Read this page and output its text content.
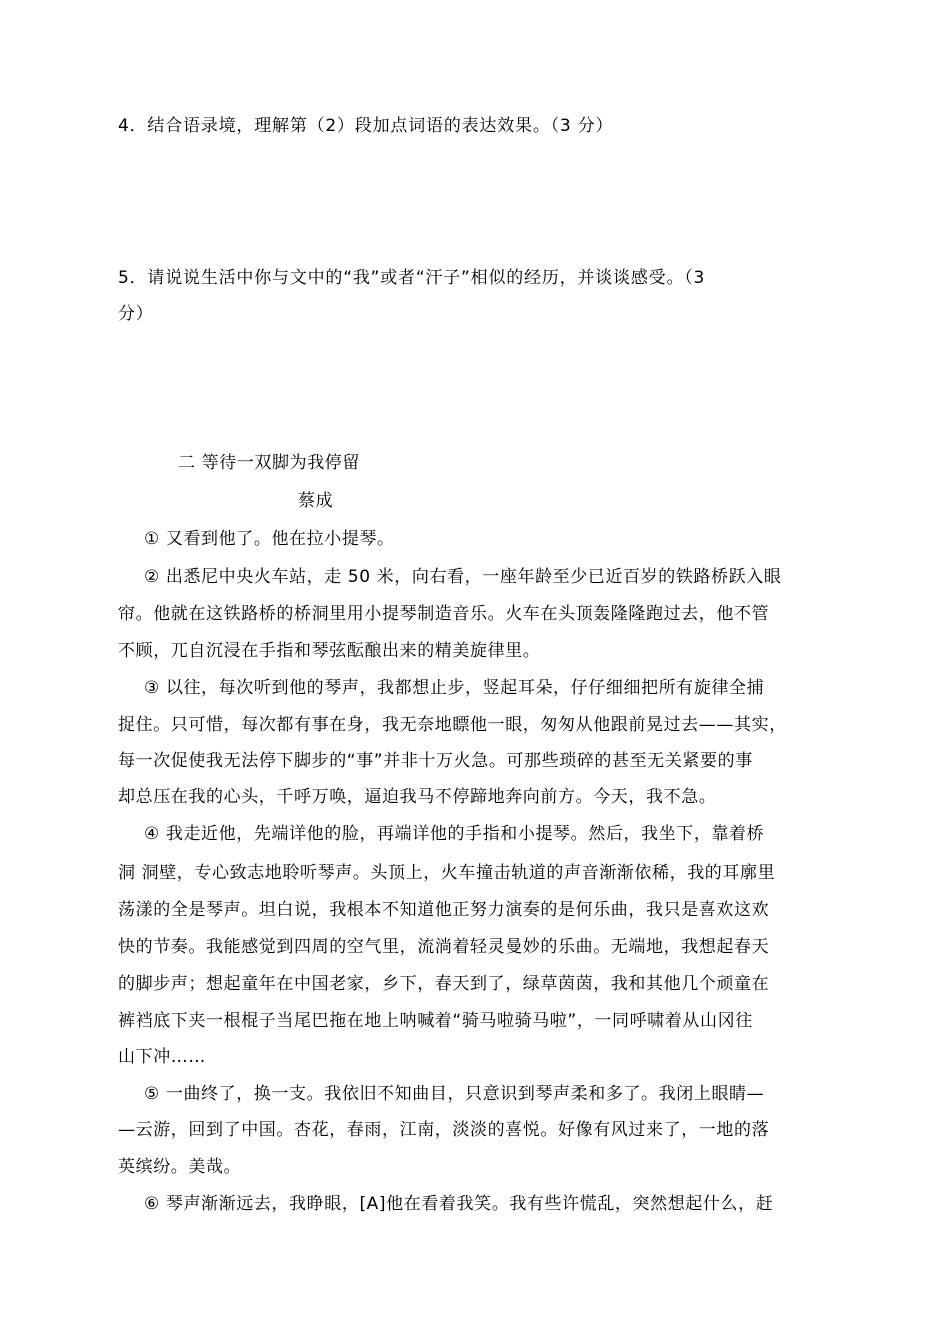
4．结合语录境，理解第（2）段加点词语的表达效果。（3 分）
5．请说说生活中你与文中的“我”或者“汗子”相似的经历，并谈谈感受。（3
分）
二 等待一双脚为我停留
蔡成
① 又看到他了。他在拉小提琴。
② 出悉尼中央火车站，走 50 米，向右看，一座年龄至少已近百岁的铁路桥跃入眼
帘。他就在这铁路桥的桥洞里用小提琴制造音乐。火车在头顶轰隆隆跑过去，他不管
不顾，兀自沉浸在手指和琴弦酝酿出来的精美旋律里。
③ 以往，每次听到他的琴声，我都想止步，竖起耳朵，仔仔细细把所有旋律全捕
捉住。只可惜，每次都有事在身，我无奈地瞟他一眼，匆匆从他跟前晃过去——其实，
每一次促使我无法停下脚步的“事”并非十万火急。可那些琐碎的甚至无关紧要的事
却总压在我的心头，千呼万唤，逼迫我马不停蹄地奔向前方。今天，我不急。
④ 我走近他，先端详他的脸，再端详他的手指和小提琴。然后，我坐下，靠着桥
洞 洞壁，专心致志地聆听琴声。头顶上，火车撞击轨道的声音渐渐依稀，我的耳廓里
荡漾的全是琴声。坦白说，我根本不知道他正努力演奏的是何乐曲，我只是喜欢这欢
快的节奏。我能感觉到四周的空气里，流淌着轻灵曼妙的乐曲。无端地，我想起春天
的脚步声；想起童年在中国老家，乡下，春天到了，绿草茵茵，我和其他几个顽童在
裤裆底下夹一根棍子当尾巴拖在地上呐喊着“骑马啦骑马啦”，一同呼啸着从山冈往
山下冲……
⑤ 一曲终了，换一支。我依旧不知曲目，只意识到琴声柔和多了。我闭上眼睛—
—云游，回到了中国。杏花，春雨，江南，淡淡的喜悦。好像有风过来了，一地的落
英缤纷。美哉。
⑥ 琴声渐渐远去，我睁眼，[A]他在看着我笑。我有些许慌乱，突然想起什么，赶
